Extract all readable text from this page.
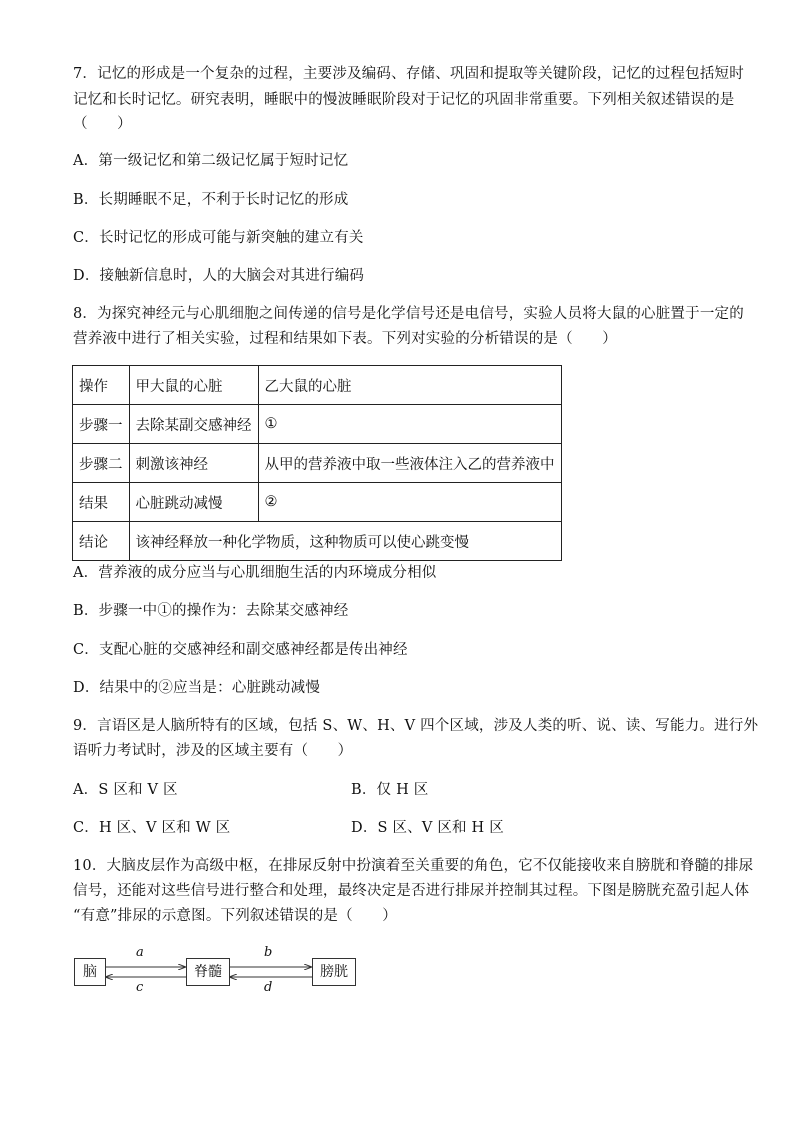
7．记忆的形成是一个复杂的过程，主要涉及编码、存储、巩固和提取等关键阶段，记忆的过程包括短时
记忆和长时记忆。研究表明，睡眠中的慢波睡眠阶段对于记忆的巩固非常重要。下列相关叙述错误的是
（　　）
A．第一级记忆和第二级记忆属于短时记忆
B．长期睡眠不足，不利于长时记忆的形成
C．长时记忆的形成可能与新突触的建立有关
D．接触新信息时，人的大脑会对其进行编码
8．为探究神经元与心肌细胞之间传递的信号是化学信号还是电信号，实验人员将大鼠的心脏置于一定的
营养液中进行了相关实验，过程和结果如下表。下列对实验的分析错误的是（　　）
操作	甲大鼠的心脏	乙大鼠的心脏
步骤一	去除某副交感神经	①
步骤二	刺激该神经	从甲的营养液中取一些液体注入乙的营养液中
结果	心脏跳动减慢	②
结论	该神经释放一种化学物质，这种物质可以使心跳变慢	
A．营养液的成分应当与心肌细胞生活的内环境成分相似
B．步骤一中①的操作为：去除某交感神经
C．支配心脏的交感神经和副交感神经都是传出神经
D．结果中的②应当是：心脏跳动减慢
9．言语区是人脑所特有的区域，包括 S、W、H、V 四个区域，涉及人类的听、说、读、写能力。进行外
语听力考试时，涉及的区域主要有（　　）
A．S 区和 V 区	B．仅 H 区
C．H 区、V 区和 W 区	D．S 区、V 区和 H 区
10．大脑皮层作为高级中枢，在排尿反射中扮演着至关重要的角色，它不仅能接收来自膀胱和脊髓的排尿
信号，还能对这些信号进行整合和处理，最终决定是否进行排尿并控制其过程。下图是膀胱充盈引起人体
“有意”排尿的示意图。下列叙述错误的是（　　）
脑	脊髓	膀胱
a
c
b
d
